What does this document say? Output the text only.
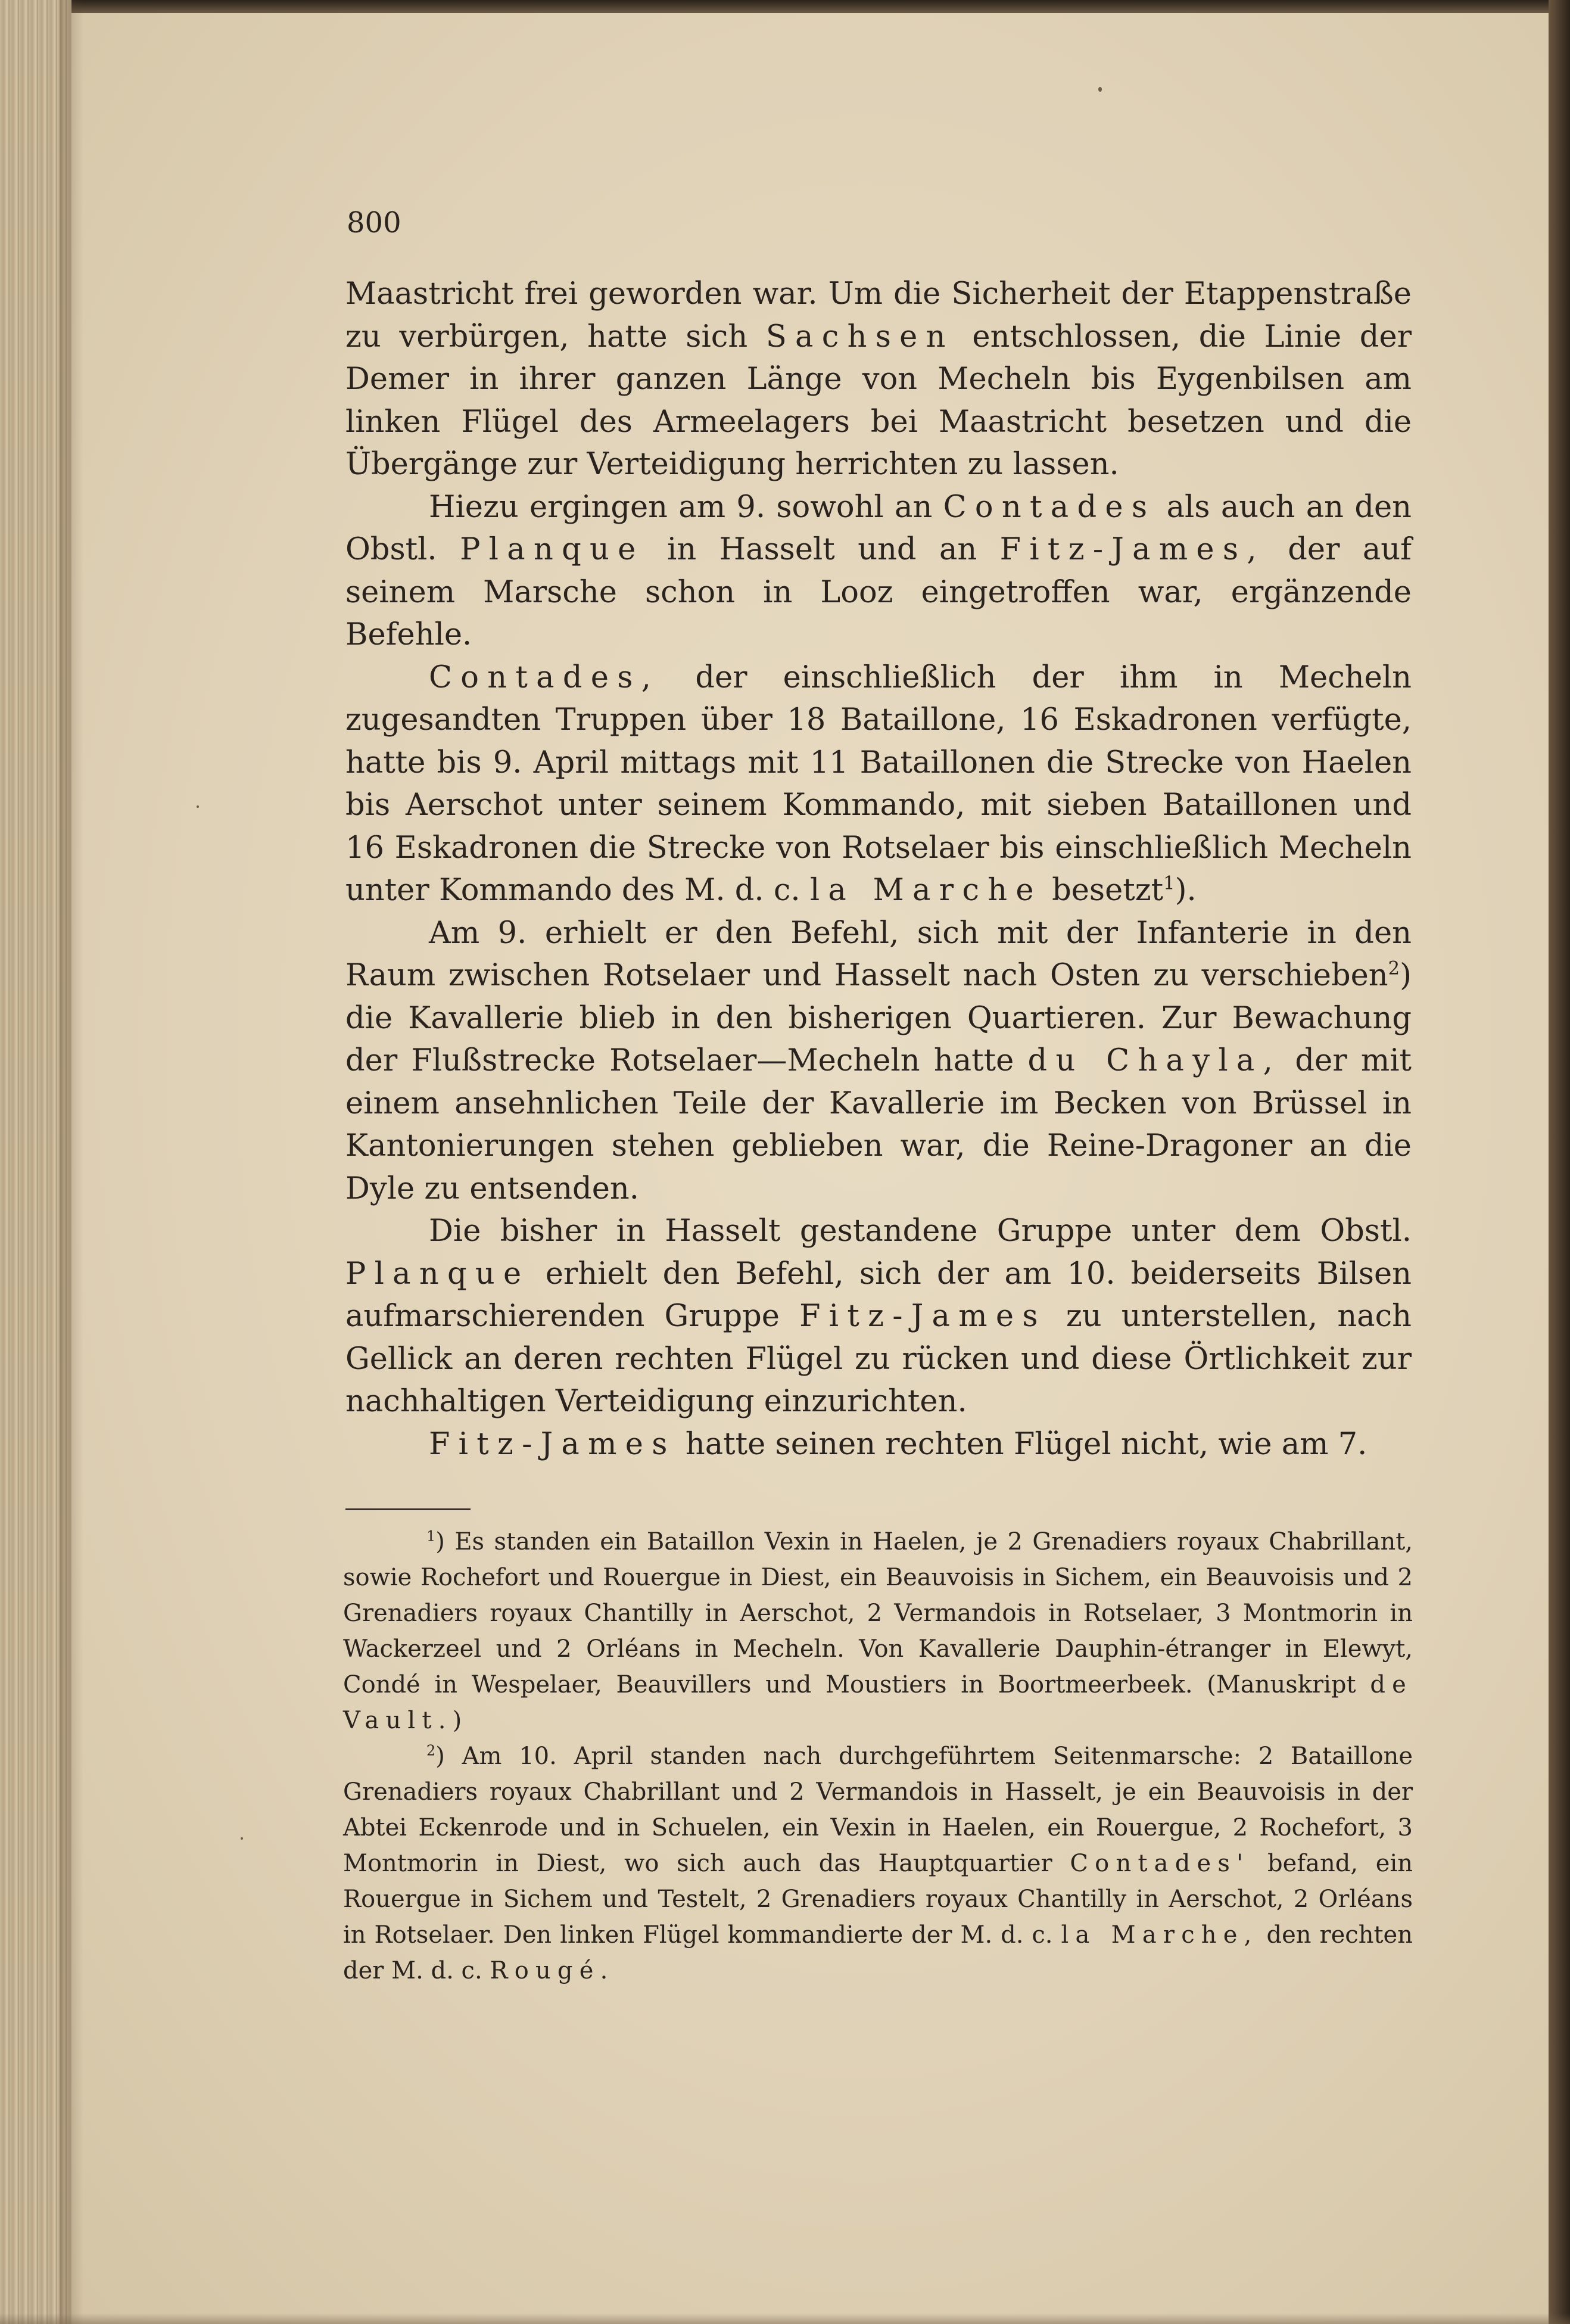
800

Maastricht frei geworden war. Um die Sicherheit der Etappenstraße zu verbürgen, hatte sich Sachsen entschlossen, die Linie der Demer in ihrer ganzen Länge von Mecheln bis Eygenbilsen am linken Flügel des Armeelagers bei Maastricht besetzen und die Übergänge zur Verteidigung herrichten zu lassen.

Hiezu ergingen am 9. sowohl an Contades als auch an den Obstl. Planque in Hasselt und an Fitz-James, der auf seinem Marsche schon in Looz eingetroffen war, ergänzende Befehle.

Contades, der einschließlich der ihm in Mecheln zugesandten Truppen über 18 Bataillone, 16 Eskadronen verfügte, hatte bis 9. April mittags mit 11 Bataillonen die Strecke von Haelen bis Aerschot unter seinem Kommando, mit sieben Bataillonen und 16 Eskadronen die Strecke von Rotselaer bis einschließlich Mecheln unter Kommando des M. d. c. la Marche besetzt$^1$).

Am 9. erhielt er den Befehl, sich mit der Infanterie in den Raum zwischen Rotselaer und Hasselt nach Osten zu verschieben$^2$) die Kavallerie blieb in den bisherigen Quartieren. Zur Bewachung der Flußstrecke Rotselaer—Mecheln hatte du Chayla, der mit einem ansehnlichen Teile der Kavallerie im Becken von Brüssel in Kantonierungen stehen geblieben war, die Reine-Dragoner an die Dyle zu entsenden.

Die bisher in Hasselt gestandene Gruppe unter dem Obstl. Planque erhielt den Befehl, sich der am 10. beiderseits Bilsen aufmarschierenden Gruppe Fitz-James zu unterstellen, nach Gellick an deren rechten Flügel zu rücken und diese Örtlichkeit zur nachhaltigen Verteidigung einzurichten.

Fitz-James hatte seinen rechten Flügel nicht, wie am 7.

$^1$) Es standen ein Bataillon Vexin in Haelen, je 2 Grenadiers royaux Chabrillant, sowie Rochefort und Rouergue in Diest, ein Beauvoisis in Sichem, ein Beauvoisis und 2 Grenadiers royaux Chantilly in Aerschot, 2 Vermandois in Rotselaer, 3 Montmorin in Wackerzeel und 2 Orléans in Mecheln. Von Kavallerie Dauphin-étranger in Elewyt, Condé in Wespelaer, Beauvillers und Moustiers in Boortmeerbeek. (Manuskript de Vault.)

$^2$) Am 10. April standen nach durchgeführtem Seitenmarsche: 2 Bataillone Grenadiers royaux Chabrillant und 2 Vermandois in Hasselt, je ein Beauvoisis in der Abtei Eckenrode und in Schuelen, ein Vexin in Haelen, ein Rouergue, 2 Rochefort, 3 Montmorin in Diest, wo sich auch das Hauptquartier Contades' befand, ein Rouergue in Sichem und Testelt, 2 Grenadiers royaux Chantilly in Aerschot, 2 Orléans in Rotselaer. Den linken Flügel kommandierte der M. d. c. la Marche, den rechten der M. d. c. Rougé.
